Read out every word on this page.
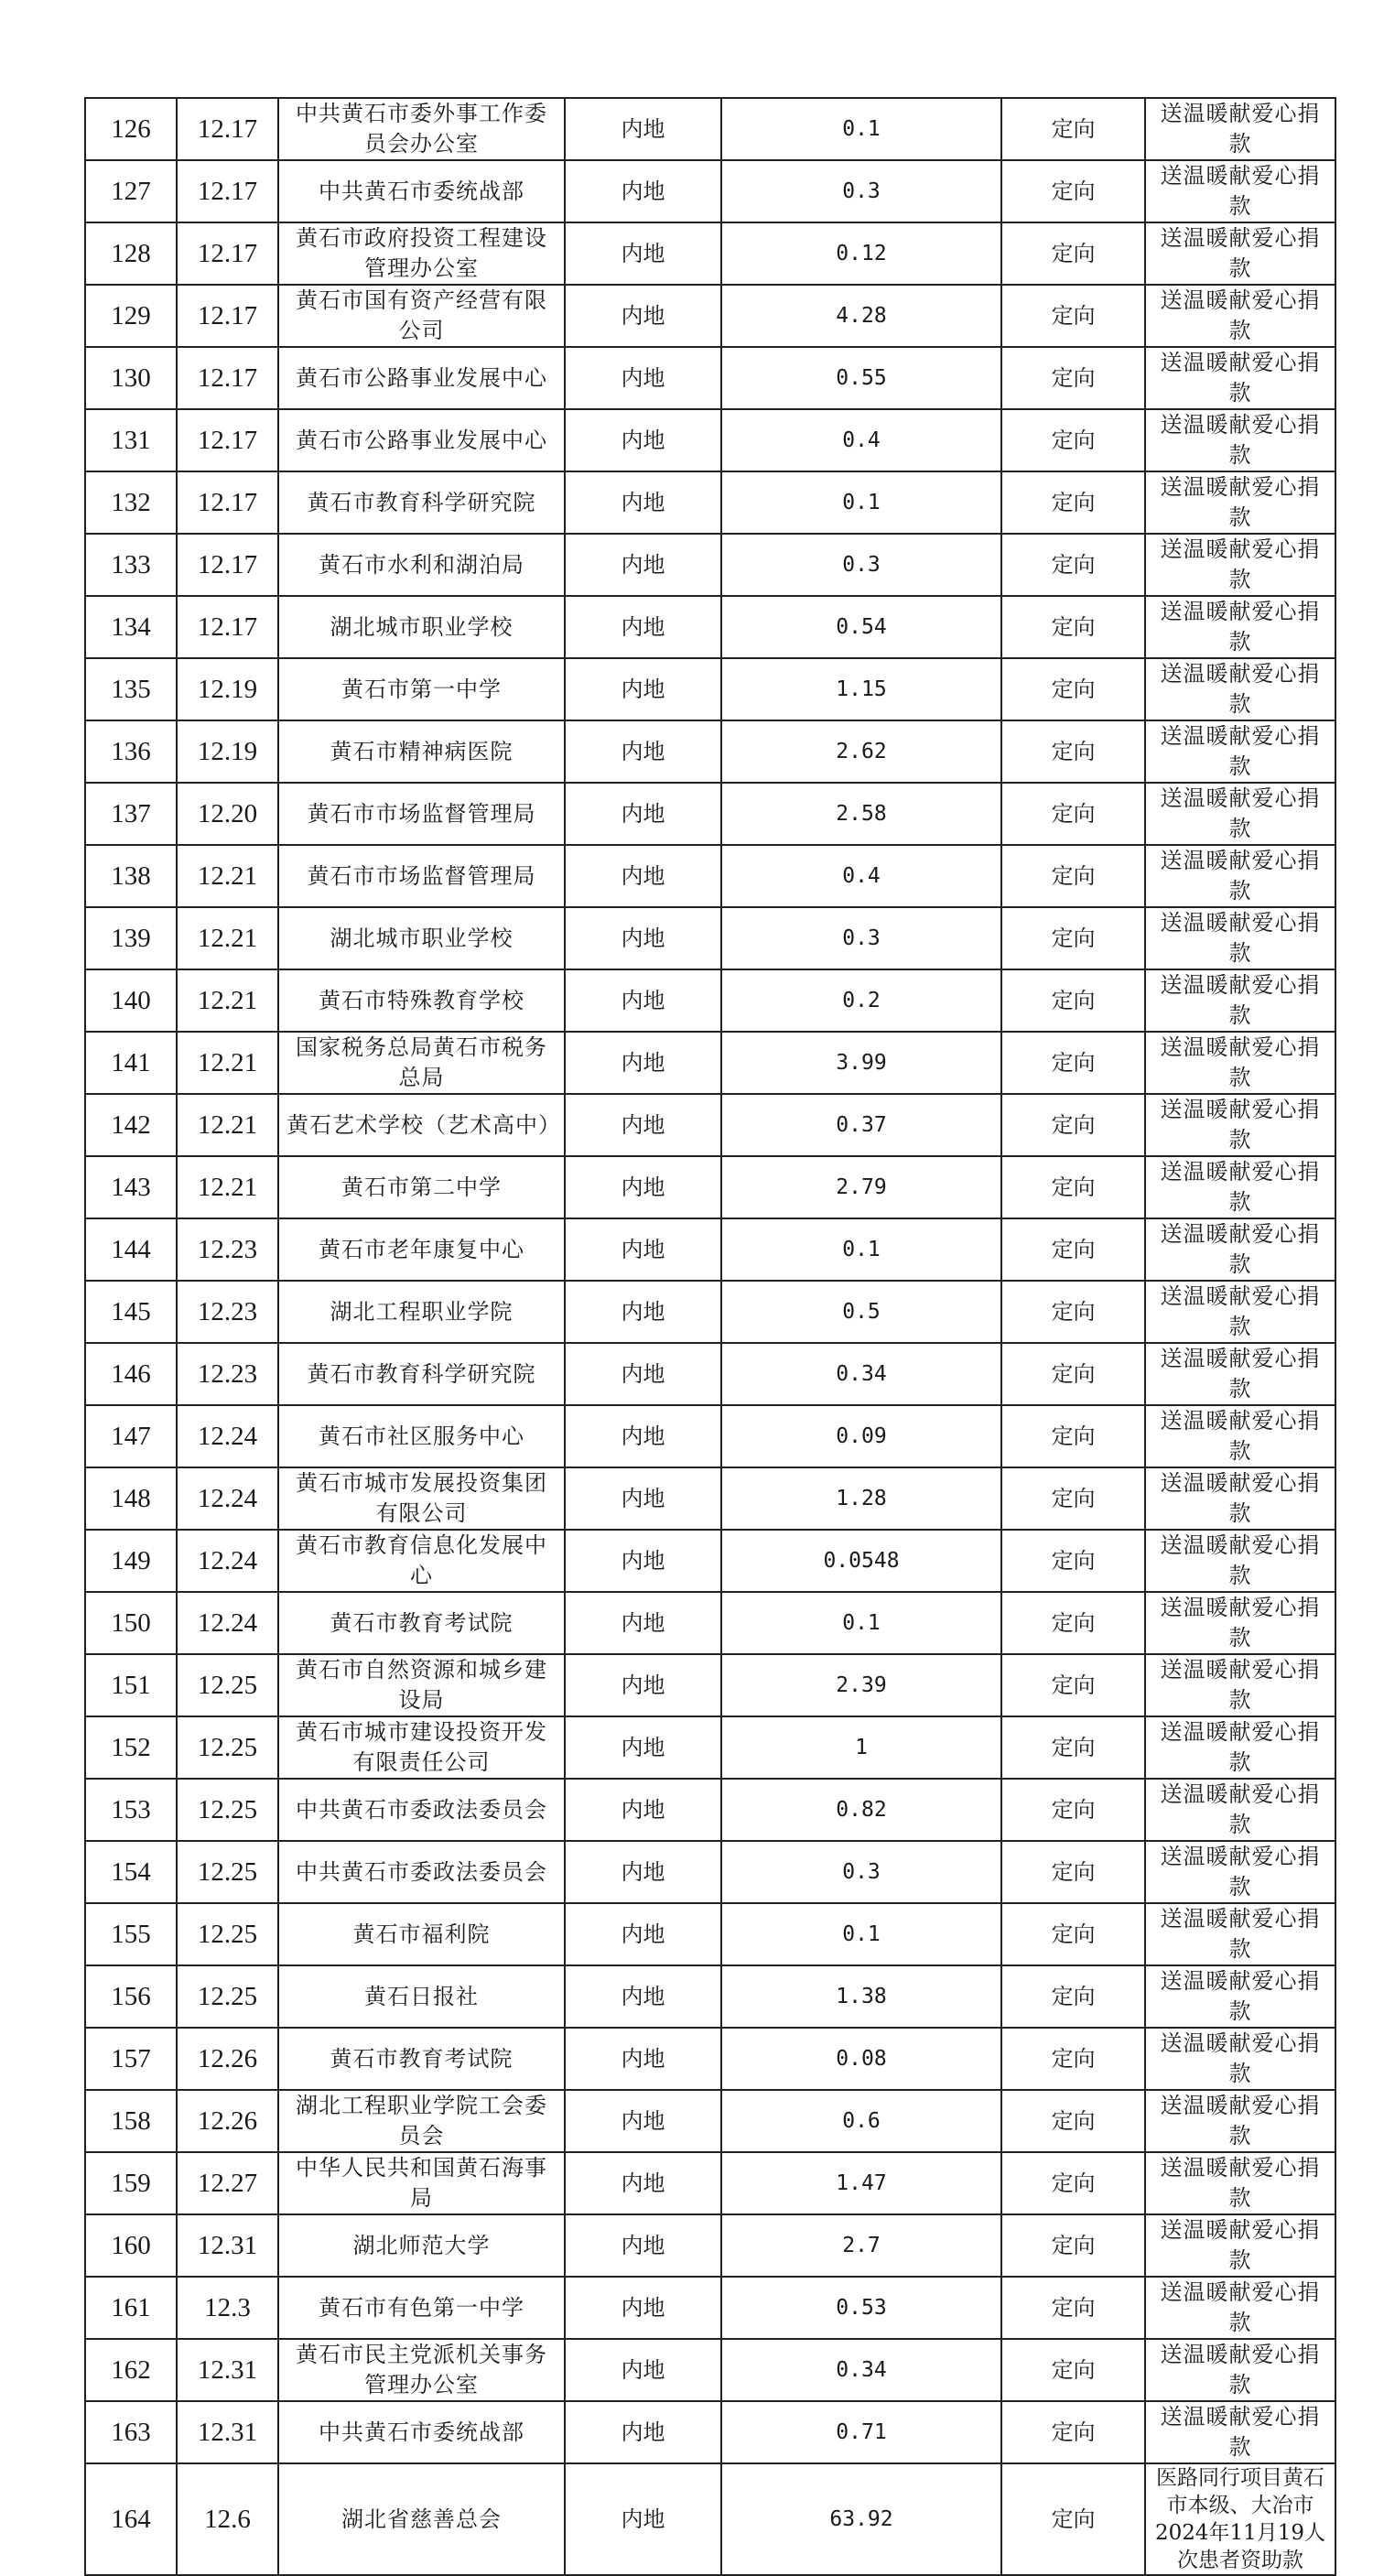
126	12.17	中共黄石市委外事工作委员会办公室	内地	0.1	定向	送温暖献爱心捐款
127	12.17	中共黄石市委统战部	内地	0.3	定向	送温暖献爱心捐款
128	12.17	黄石市政府投资工程建设管理办公室	内地	0.12	定向	送温暖献爱心捐款
129	12.17	黄石市国有资产经营有限公司	内地	4.28	定向	送温暖献爱心捐款
130	12.17	黄石市公路事业发展中心	内地	0.55	定向	送温暖献爱心捐款
131	12.17	黄石市公路事业发展中心	内地	0.4	定向	送温暖献爱心捐款
132	12.17	黄石市教育科学研究院	内地	0.1	定向	送温暖献爱心捐款
133	12.17	黄石市水利和湖泊局	内地	0.3	定向	送温暖献爱心捐款
134	12.17	湖北城市职业学校	内地	0.54	定向	送温暖献爱心捐款
135	12.19	黄石市第一中学	内地	1.15	定向	送温暖献爱心捐款
136	12.19	黄石市精神病医院	内地	2.62	定向	送温暖献爱心捐款
137	12.20	黄石市市场监督管理局	内地	2.58	定向	送温暖献爱心捐款
138	12.21	黄石市市场监督管理局	内地	0.4	定向	送温暖献爱心捐款
139	12.21	湖北城市职业学校	内地	0.3	定向	送温暖献爱心捐款
140	12.21	黄石市特殊教育学校	内地	0.2	定向	送温暖献爱心捐款
141	12.21	国家税务总局黄石市税务总局	内地	3.99	定向	送温暖献爱心捐款
142	12.21	黄石艺术学校（艺术高中）	内地	0.37	定向	送温暖献爱心捐款
143	12.21	黄石市第二中学	内地	2.79	定向	送温暖献爱心捐款
144	12.23	黄石市老年康复中心	内地	0.1	定向	送温暖献爱心捐款
145	12.23	湖北工程职业学院	内地	0.5	定向	送温暖献爱心捐款
146	12.23	黄石市教育科学研究院	内地	0.34	定向	送温暖献爱心捐款
147	12.24	黄石市社区服务中心	内地	0.09	定向	送温暖献爱心捐款
148	12.24	黄石市城市发展投资集团有限公司	内地	1.28	定向	送温暖献爱心捐款
149	12.24	黄石市教育信息化发展中心	内地	0.0548	定向	送温暖献爱心捐款
150	12.24	黄石市教育考试院	内地	0.1	定向	送温暖献爱心捐款
151	12.25	黄石市自然资源和城乡建设局	内地	2.39	定向	送温暖献爱心捐款
152	12.25	黄石市城市建设投资开发有限责任公司	内地	1	定向	送温暖献爱心捐款
153	12.25	中共黄石市委政法委员会	内地	0.82	定向	送温暖献爱心捐款
154	12.25	中共黄石市委政法委员会	内地	0.3	定向	送温暖献爱心捐款
155	12.25	黄石市福利院	内地	0.1	定向	送温暖献爱心捐款
156	12.25	黄石日报社	内地	1.38	定向	送温暖献爱心捐款
157	12.26	黄石市教育考试院	内地	0.08	定向	送温暖献爱心捐款
158	12.26	湖北工程职业学院工会委员会	内地	0.6	定向	送温暖献爱心捐款
159	12.27	中华人民共和国黄石海事局	内地	1.47	定向	送温暖献爱心捐款
160	12.31	湖北师范大学	内地	2.7	定向	送温暖献爱心捐款
161	12.3	黄石市有色第一中学	内地	0.53	定向	送温暖献爱心捐款
162	12.31	黄石市民主党派机关事务管理办公室	内地	0.34	定向	送温暖献爱心捐款
163	12.31	中共黄石市委统战部	内地	0.71	定向	送温暖献爱心捐款
164	12.6	湖北省慈善总会	内地	63.92	定向	医路同行项目黄石市本级、大冶市2024年11月19人次患者资助款
